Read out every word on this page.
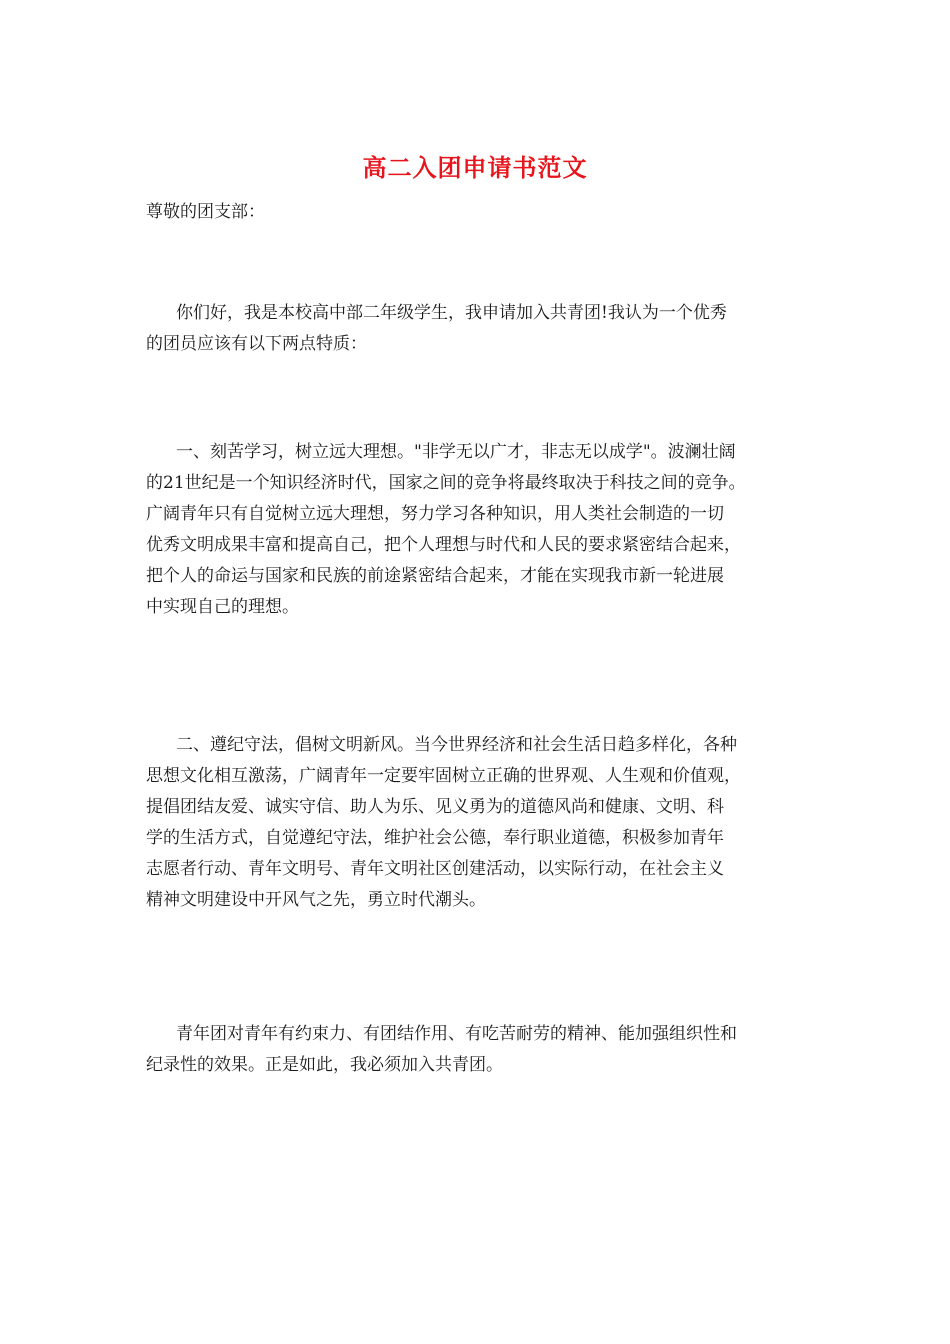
高二入团申请书范文
尊敬的团支部：
你们好，我是本校高中部二年级学生，我申请加入共青团!我认为一个优秀
的团员应该有以下两点特质：
一、刻苦学习，树立远大理想。"非学无以广才，非志无以成学"。波澜壮阔
的21世纪是一个知识经济时代，国家之间的竞争将最终取决于科技之间的竞争。
广阔青年只有自觉树立远大理想，努力学习各种知识，用人类社会制造的一切
优秀文明成果丰富和提高自己，把个人理想与时代和人民的要求紧密结合起来，
把个人的命运与国家和民族的前途紧密结合起来，才能在实现我市新一轮进展
中实现自己的理想。
二、遵纪守法，倡树文明新风。当今世界经济和社会生活日趋多样化，各种
思想文化相互激荡，广阔青年一定要牢固树立正确的世界观、人生观和价值观，
提倡团结友爱、诚实守信、助人为乐、见义勇为的道德风尚和健康、文明、科
学的生活方式，自觉遵纪守法，维护社会公德，奉行职业道德，积极参加青年
志愿者行动、青年文明号、青年文明社区创建活动，以实际行动，在社会主义
精神文明建设中开风气之先，勇立时代潮头。
青年团对青年有约束力、有团结作用、有吃苦耐劳的精神、能加强组织性和
纪录性的效果。正是如此，我必须加入共青团。
